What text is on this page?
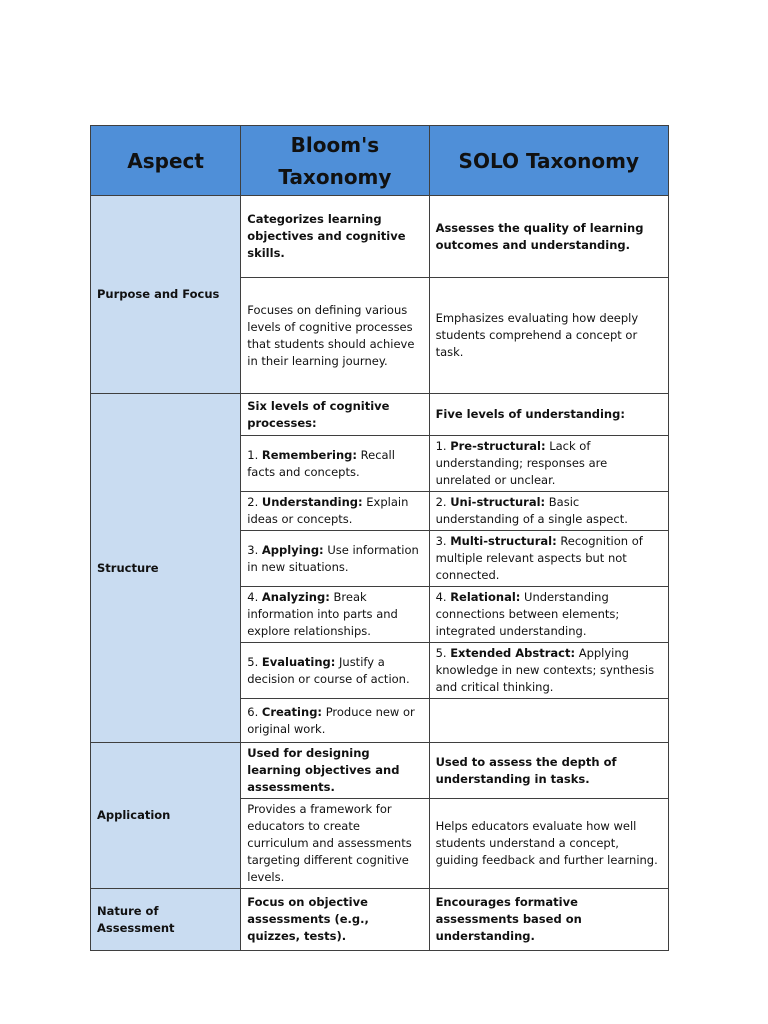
Aspect	Bloom's Taxonomy	SOLO Taxonomy
Purpose and Focus	Categorizes learning objectives and cognitive skills.	Assesses the quality of learning outcomes and understanding.
	Focuses on defining various levels of cognitive processes that students should achieve in their learning journey.	Emphasizes evaluating how deeply students comprehend a concept or task.
Structure	Six levels of cognitive processes:	Five levels of understanding:
	1. Remembering: Recall facts and concepts.	1. Pre-structural: Lack of understanding; responses are unrelated or unclear.
	2. Understanding: Explain ideas or concepts.	2. Uni-structural: Basic understanding of a single aspect.
	3. Applying: Use information in new situations.	3. Multi-structural: Recognition of multiple relevant aspects but not connected.
	4. Analyzing: Break information into parts and explore relationships.	4. Relational: Understanding connections between elements; integrated understanding.
	5. Evaluating: Justify a decision or course of action.	5. Extended Abstract: Applying knowledge in new contexts; synthesis and critical thinking.
	6. Creating: Produce new or original work.	
Application	Used for designing learning objectives and assessments.	Used to assess the depth of understanding in tasks.
	Provides a framework for educators to create curriculum and assessments targeting different cognitive levels.	Helps educators evaluate how well students understand a concept, guiding feedback and further learning.
Nature of Assessment	Focus on objective assessments (e.g., quizzes, tests).	Encourages formative assessments based on understanding.
